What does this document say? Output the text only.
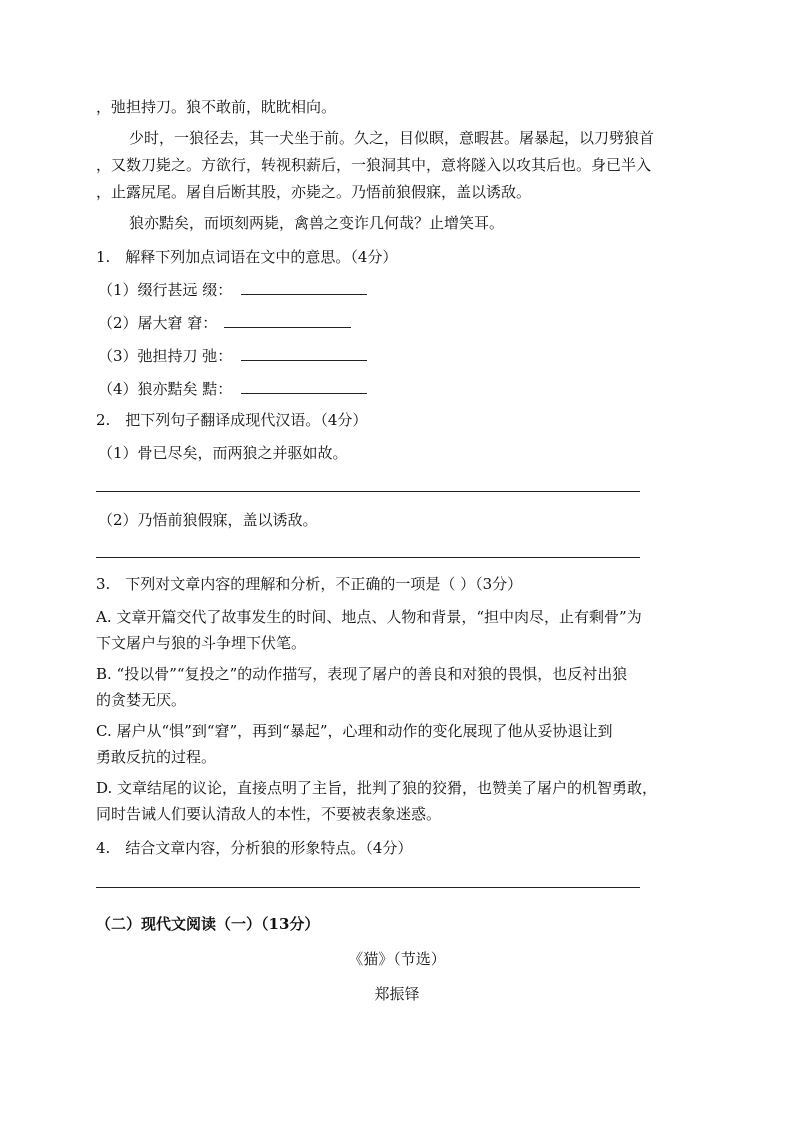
，弛担持刀。狼不敢前，眈眈相向。

少时，一狼径去，其一犬坐于前。久之，目似瞑，意暇甚。屠暴起，以刀劈狼首

，又数刀毙之。方欲行，转视积薪后，一狼洞其中，意将隧入以攻其后也。身已半入

，止露尻尾。屠自后断其股，亦毙之。乃悟前狼假寐，盖以诱敌。

狼亦黠矣，而顷刻两毙，禽兽之变诈几何哉？止增笑耳。

1.　解释下列加点词语在文中的意思。（4分）

（1）缀行甚远 缀：

（2）屠大窘 窘：

（3）弛担持刀 弛：

（4）狼亦黠矣 黠：

2.　把下列句子翻译成现代汉语。（4分）

（1）骨已尽矣，而两狼之并驱如故。

（2）乃悟前狼假寐，盖以诱敌。

3.　下列对文章内容的理解和分析，不正确的一项是（ ）（3分）

A. 文章开篇交代了故事发生的时间、地点、人物和背景，“担中肉尽，止有剩骨”为

下文屠户与狼的斗争埋下伏笔。

B. “投以骨”“复投之”的动作描写，表现了屠户的善良和对狼的畏惧，也反衬出狼

的贪婪无厌。

C. 屠户从“惧”到“窘”，再到“暴起”，心理和动作的变化展现了他从妥协退让到

勇敢反抗的过程。

D. 文章结尾的议论，直接点明了主旨，批判了狼的狡猾，也赞美了屠户的机智勇敢，

同时告诫人们要认清敌人的本性，不要被表象迷惑。

4.　结合文章内容，分析狼的形象特点。（4分）

（二）现代文阅读（一）（13分）

《猫》（节选）

郑振铎
